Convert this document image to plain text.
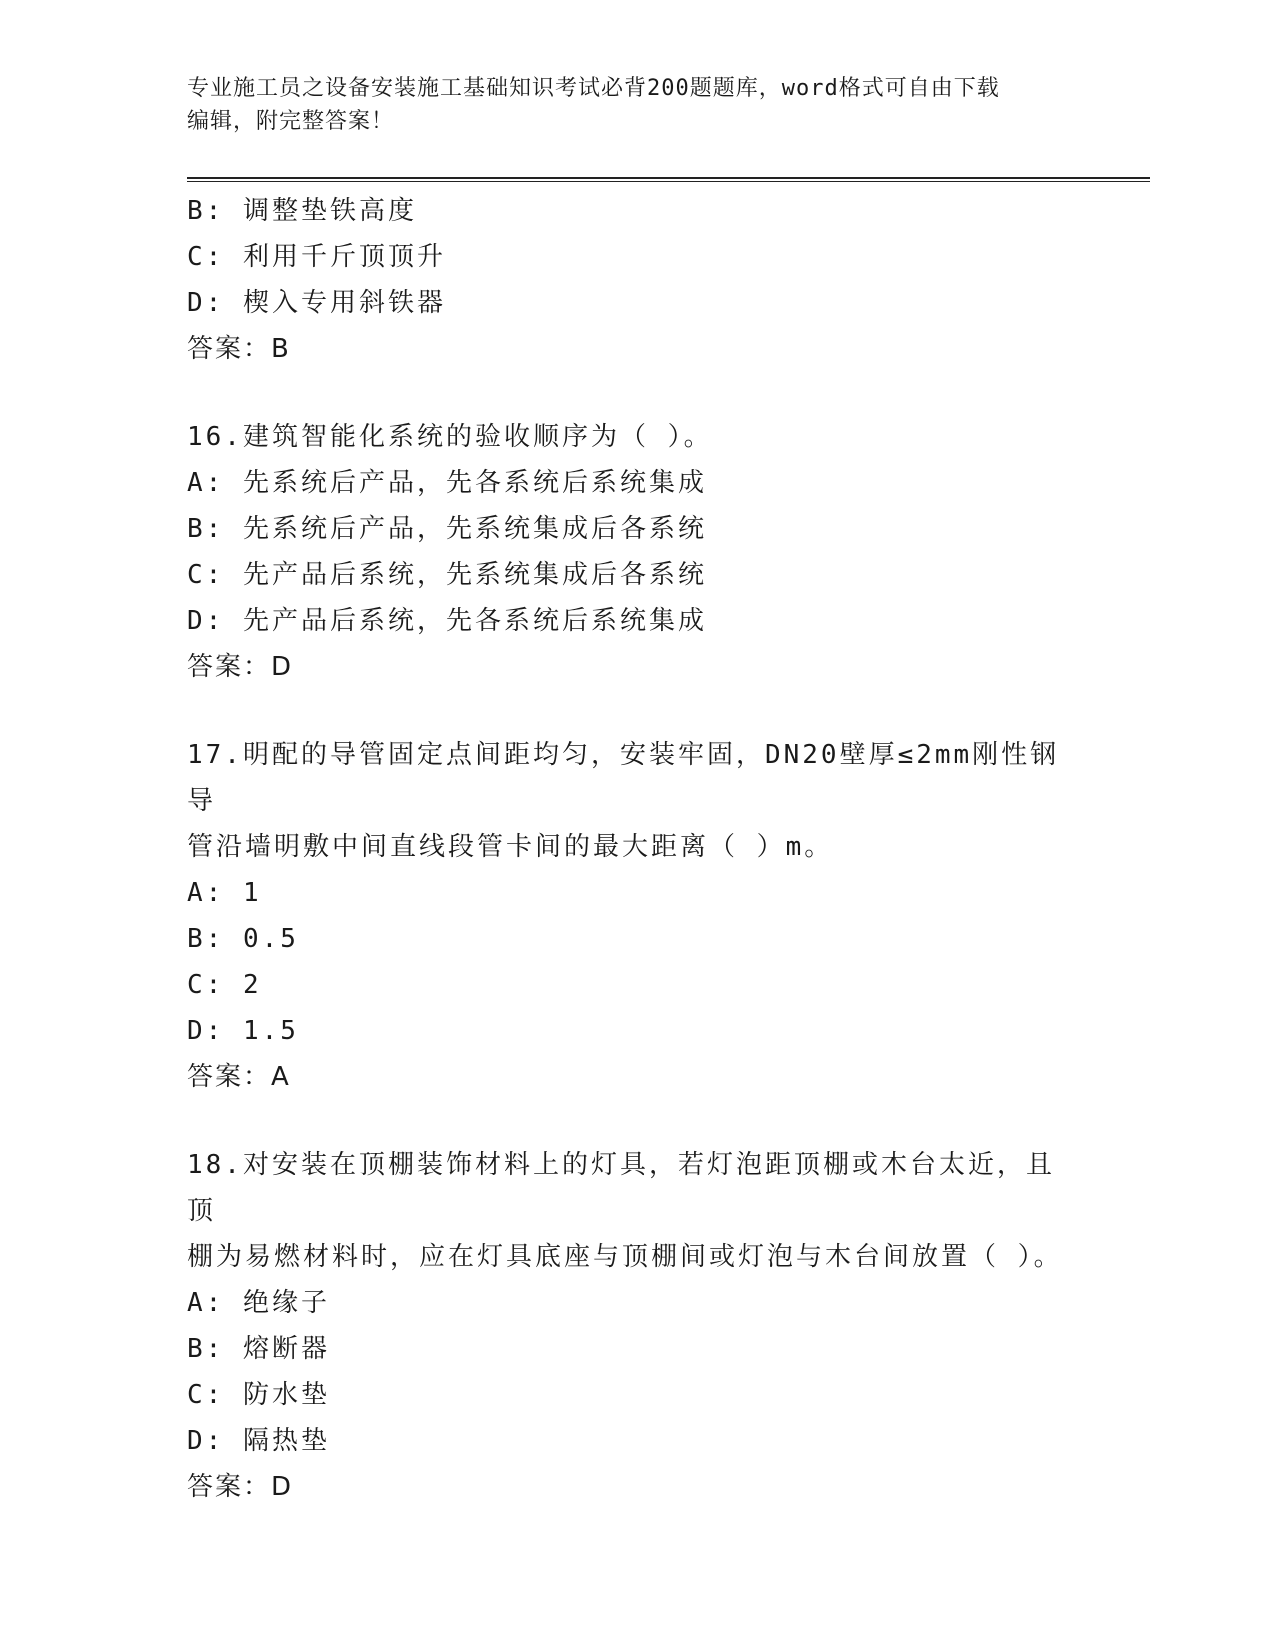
专业施工员之设备安装施工基础知识考试必背200题题库，word格式可自由下载
编辑，附完整答案！
B: 调整垫铁高度
C: 利用千斤顶顶升
D: 楔入专用斜铁器
答案：B
16.建筑智能化系统的验收顺序为（ ）。
A: 先系统后产品，先各系统后系统集成
B: 先系统后产品，先系统集成后各系统
C: 先产品后系统，先系统集成后各系统
D: 先产品后系统，先各系统后系统集成
答案：D
17.明配的导管固定点间距均匀，安装牢固，DN20壁厚≤2mm刚性钢导
管沿墙明敷中间直线段管卡间的最大距离（ ）m。
A: 1
B: 0.5
C: 2
D: 1.5
答案：A
18.对安装在顶棚装饰材料上的灯具，若灯泡距顶棚或木台太近，且顶
棚为易燃材料时，应在灯具底座与顶棚间或灯泡与木台间放置（ ）。
A: 绝缘子
B: 熔断器
C: 防水垫
D: 隔热垫
答案：D
